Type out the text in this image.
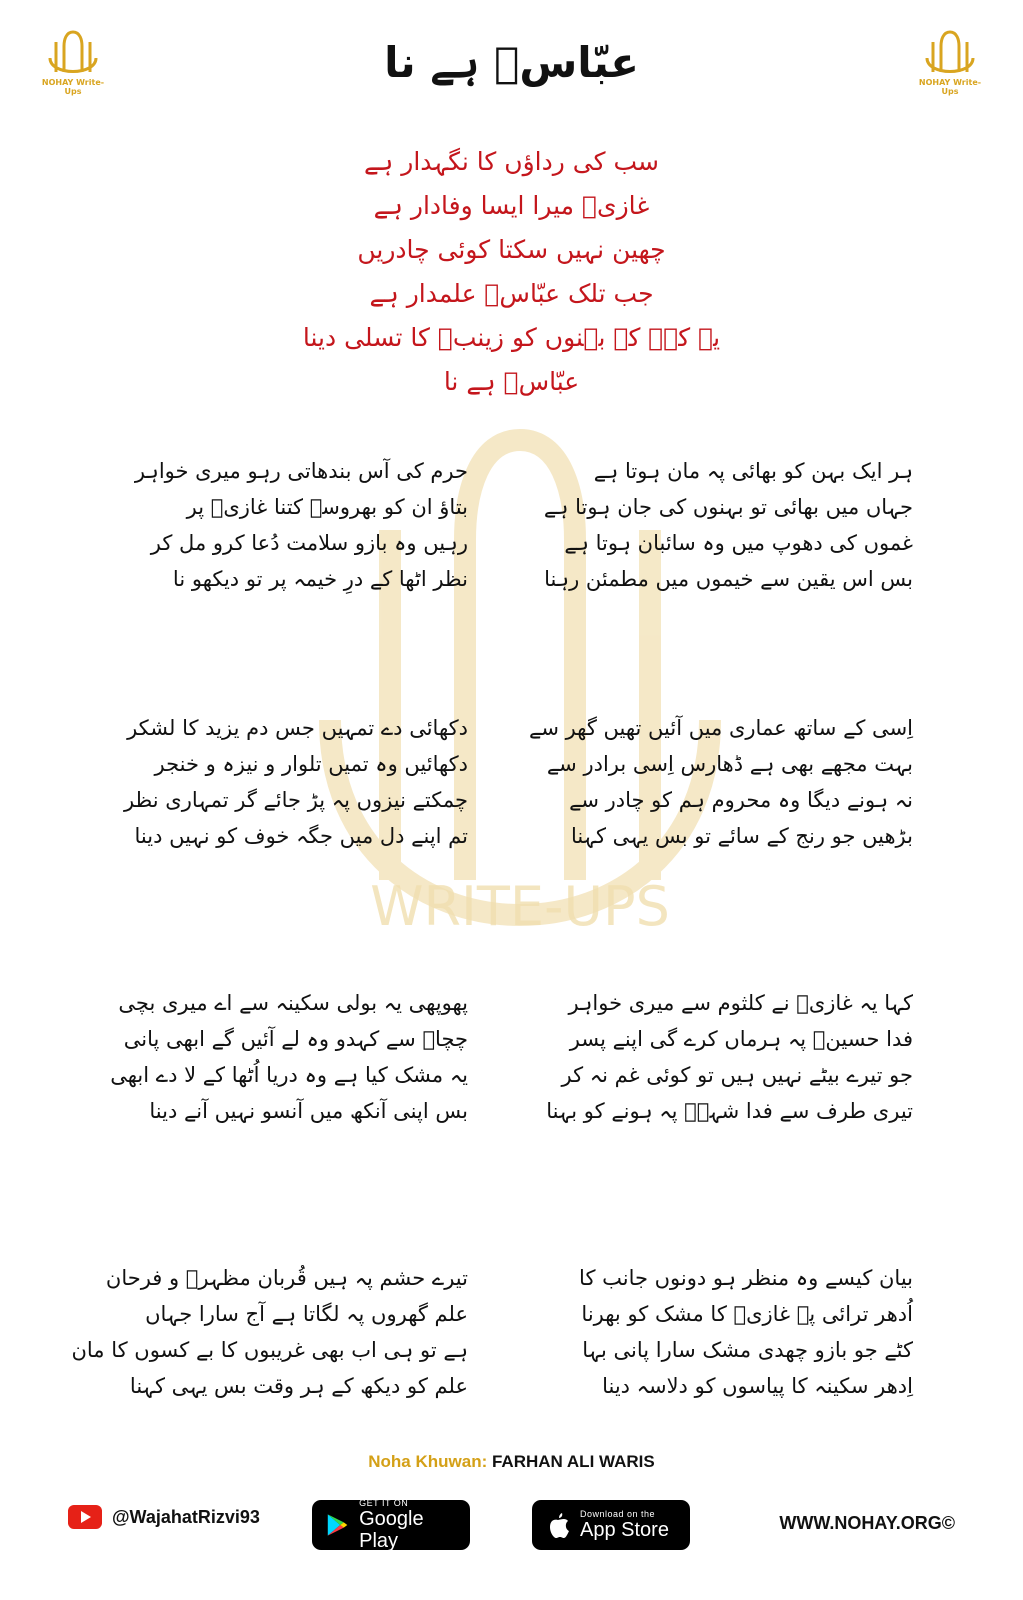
NOHAY Write-Ups
NOHAY Write-Ups
WRITE-UPS
عبّاسؑ ہے نا
سب کی رداؤں کا نگہدار ہے
غازیؑ میرا ایسا وفادار ہے
چھین نہیں سکتا کوئی چادریں
جب تلک عبّاسؑ علمدار ہے
یہ کہہ کے بہنوں کو زینبؑ کا تسلی دینا
عبّاسؑ ہے نا
ہر ایک بہن کو بھائی پہ مان ہوتا ہے
جہاں میں بھائی تو بہنوں کی جان ہوتا ہے
غموں کی دھوپ میں وہ سائبان ہوتا ہے
بس اس یقین سے خیموں میں مطمئن رہنا
حرم کی آس بندھاتی رہو میری خواہر
بتاؤ ان کو بھروسہ کتنا غازیؑ پر
رہیں وہ بازو سلامت دُعا کرو مل کر
نظر اٹھا کے درِ خیمہ پر تو دیکھو نا
اِسی کے ساتھ عماری میں آئیں تھیں گھر سے
بہت مجھے بھی ہے ڈھارس اِسی برادر سے
نہ ہونے دیگا وہ محروم ہم کو چادر سے
بڑھیں جو رنج کے سائے تو بس یہی کہنا
دکھائی دے تمہیں جس دم یزید کا لشکر
دکھائیں وہ تمیں تلوار و نیزہ و خنجر
چمکتے نیزوں پہ پڑ جائے گر تمہاری نظر
تم اپنے دل میں جگہ خوف کو نہیں دینا
کہا یہ غازیؑ نے کلثوم سے میری خواہر
فدا حسینؑ پہ ہرماں کرے گی اپنے پسر
جو تیرے بیٹے نہیں ہیں تو کوئی غم نہ کر
تیری طرف سے فدا شہہؑ پہ ہونے کو بہنا
پھوپھی یہ بولی سکینہ سے اے میری بچی
چچاؑ سے کہدو وہ لے آئیں گے ابھی پانی
یہ مشک کیا ہے وہ دریا اُٹھا کے لا دے ابھی
بس اپنی آنکھ میں آنسو نہیں آنے دینا
بیان کیسے وہ منظر ہو دونوں جانب کا
اُدھر ترائی پہ غازیؑ کا مشک کو بھرنا
کٹے جو بازو چھدی مشک سارا پانی بہا
اِدھر سکینہ کا پیاسوں کو دلاسہ دینا
تیرے حشم پہ ہیں قُربان مظہرؔ و فرحان
علم گھروں پہ لگاتا ہے آج سارا جہاں
ہے تو ہی اب بھی غریبوں کا بے کسوں کا مان
علم کو دیکھ کے ہر وقت بس یہی کہنا
Noha Khuwan: FARHAN ALI WARIS
@WajahatRizvi93
GET IT ON
Google Play
Download on the
App Store	WWW.NOHAY.ORG©
